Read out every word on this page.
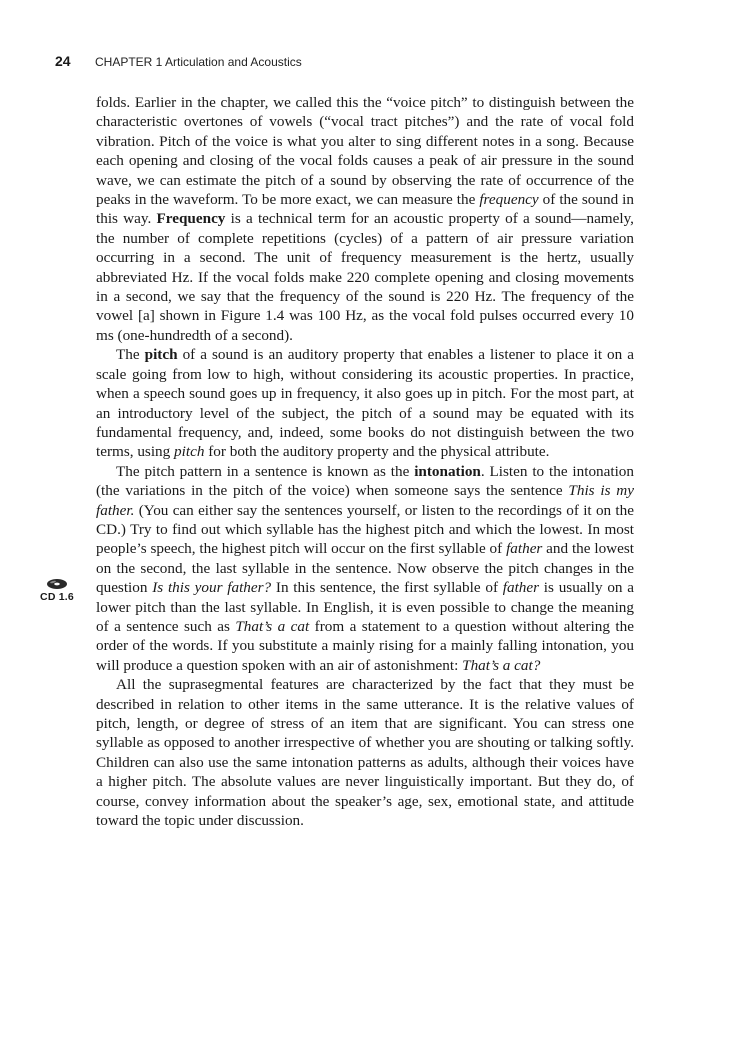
24	CHAPTER 1 Articulation and Acoustics
CD 1.6

folds. Earlier in the chapter, we called this the “voice pitch” to distinguish between the characteristic overtones of vowels (“vocal tract pitches”) and the rate of vocal fold vibration. Pitch of the voice is what you alter to sing different notes in a song. Because each opening and closing of the vocal folds causes a peak of air pressure in the sound wave, we can estimate the pitch of a sound by observing the rate of occurrence of the peaks in the waveform. To be more exact, we can measure the frequency of the sound in this way. Frequency is a technical term for an acoustic property of a sound—namely, the number of complete repetitions (cycles) of a pattern of air pressure variation occurring in a second. The unit of frequency measurement is the hertz, usually abbreviated Hz. If the vocal folds make 220 complete opening and closing movements in a second, we say that the frequency of the sound is 220 Hz. The frequency of the vowel [a] shown in Figure 1.4 was 100 Hz, as the vocal fold pulses occurred every 10 ms (one-hundredth of a second).

The pitch of a sound is an auditory property that enables a listener to place it on a scale going from low to high, without considering its acoustic properties. In practice, when a speech sound goes up in frequency, it also goes up in pitch. For the most part, at an introductory level of the subject, the pitch of a sound may be equated with its fundamental frequency, and, indeed, some books do not distinguish between the two terms, using pitch for both the auditory property and the physical attribute.

The pitch pattern in a sentence is known as the intonation. Listen to the intonation (the variations in the pitch of the voice) when someone says the sentence This is my father. (You can either say the sentences yourself, or listen to the recordings of it on the CD.) Try to find out which syllable has the highest pitch and which the lowest. In most people’s speech, the highest pitch will occur on the first syllable of father and the lowest on the second, the last syllable in the sentence. Now observe the pitch changes in the question Is this your father? In this sentence, the first syllable of father is usually on a lower pitch than the last syllable. In English, it is even possible to change the meaning of a sentence such as That’s a cat from a statement to a question without altering the order of the words. If you substitute a mainly rising for a mainly falling intonation, you will produce a question spoken with an air of astonishment: That’s a cat?

All the suprasegmental features are characterized by the fact that they must be described in relation to other items in the same utterance. It is the relative values of pitch, length, or degree of stress of an item that are significant. You can stress one syllable as opposed to another irrespective of whether you are shouting or talking softly. Children can also use the same intonation patterns as adults, although their voices have a higher pitch. The absolute values are never linguistically important. But they do, of course, convey information about the speaker’s age, sex, emotional state, and attitude toward the topic under discussion.
